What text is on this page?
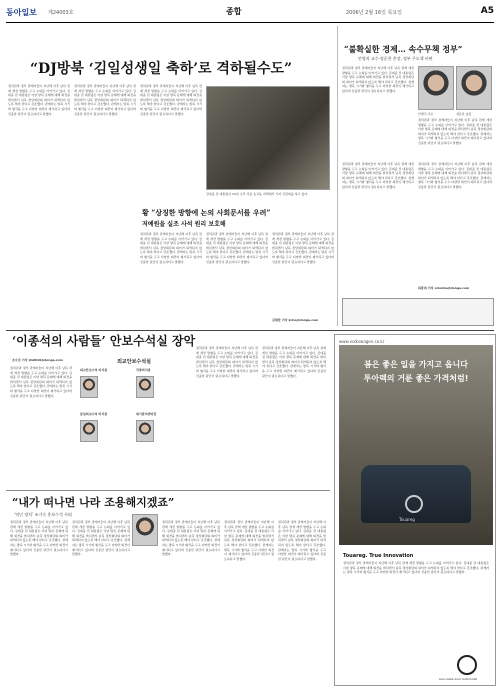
동아일보 제24003호	종합	2006년 2월 16일 목요일	A5
“DJ방북 ‘김일성생일 축하’로 격하될수도”
정치권과 정부 관계자들이 지난해 이후 남북 관계 개선 방향을 두고 논의를 이어가고 있다. 김대중 전 대통령은 이날 방북 문제에 대해 의견을 밝히면서 남북 정상회담의 의미가 퇴색되지 않도록 해야 한다고 강조했다. 관계자는 방북 시기와 형식을 두고 다양한 의견이 제기되고 있다며 신중한 판단이 필요하다고 말했다.
정치권과 정부 관계자들이 지난해 이후 남북 관계 개선 방향을 두고 논의를 이어가고 있다. 김대중 전 대통령은 이날 방북 문제에 대해 의견을 밝히면서 남북 정상회담의 의미가 퇴색되지 않도록 해야 한다고 강조했다. 관계자는 방북 시기와 형식을 두고 다양한 의견이 제기되고 있다며 신중한 판단이 필요하다고 말했다.
정치권과 정부 관계자들이 지난해 이후 남북 관계 개선 방향을 두고 논의를 이어가고 있다. 김대중 전 대통령은 이날 방북 문제에 대해 의견을 밝히면서 남북 정상회담의 의미가 퇴색되지 않도록 해야 한다고 강조했다. 관계자는 방북 시기와 형식을 두고 다양한 의견이 제기되고 있다며 신중한 판단이 필요하다고 말했다.
김대중 전 대통령이 15일 오후 서울 동교동 자택에서 기자 간담회를 하고 있다.
황 “상징한 방향에 논의 사회문서를 우려”
저예원을 실조 사석 원리 보호해
정치권과 정부 관계자들이 지난해 이후 남북 관계 개선 방향을 두고 논의를 이어가고 있다. 김대중 전 대통령은 이날 방북 문제에 대해 의견을 밝히면서 남북 정상회담의 의미가 퇴색되지 않도록 해야 한다고 강조했다. 관계자는 방북 시기와 형식을 두고 다양한 의견이 제기되고 있다며 신중한 판단이 필요하다고 말했다.
정치권과 정부 관계자들이 지난해 이후 남북 관계 개선 방향을 두고 논의를 이어가고 있다. 김대중 전 대통령은 이날 방북 문제에 대해 의견을 밝히면서 남북 정상회담의 의미가 퇴색되지 않도록 해야 한다고 강조했다. 관계자는 방북 시기와 형식을 두고 다양한 의견이 제기되고 있다며 신중한 판단이 필요하다고 말했다.
정치권과 정부 관계자들이 지난해 이후 남북 관계 개선 방향을 두고 논의를 이어가고 있다. 김대중 전 대통령은 이날 방북 문제에 대해 의견을 밝히면서 남북 정상회담의 의미가 퇴색되지 않도록 해야 한다고 강조했다. 관계자는 방북 시기와 형식을 두고 다양한 의견이 제기되고 있다며 신중한 판단이 필요하다고 말했다.
김재찬 기자 kcho@donga.com
“불확실한 경제… 속수무책 정부”
안병직 교수·정운찬 총장, 정부 주도책 비판
정치권과 정부 관계자들이 지난해 이후 남북 관계 개선 방향을 두고 논의를 이어가고 있다. 김대중 전 대통령은 이날 방북 문제에 대해 의견을 밝히면서 남북 정상회담의 의미가 퇴색되지 않도록 해야 한다고 강조했다. 관계자는 방북 시기와 형식을 두고 다양한 의견이 제기되고 있다며 신중한 판단이 필요하다고 말했다.
안병직 교수	정운찬 총장
정치권과 정부 관계자들이 지난해 이후 남북 관계 개선 방향을 두고 논의를 이어가고 있다. 김대중 전 대통령은 이날 방북 문제에 대해 의견을 밝히면서 남북 정상회담의 의미가 퇴색되지 않도록 해야 한다고 강조했다. 관계자는 방북 시기와 형식을 두고 다양한 의견이 제기되고 있다며 신중한 판단이 필요하다고 말했다.
정치권과 정부 관계자들이 지난해 이후 남북 관계 개선 방향을 두고 논의를 이어가고 있다. 김대중 전 대통령은 이날 방북 문제에 대해 의견을 밝히면서 남북 정상회담의 의미가 퇴색되지 않도록 해야 한다고 강조했다. 관계자는 방북 시기와 형식을 두고 다양한 의견이 제기되고 있다며 신중한 판단이 필요하다고 말했다.
정치권과 정부 관계자들이 지난해 이후 남북 관계 개선 방향을 두고 논의를 이어가고 있다. 김대중 전 대통령은 이날 방북 문제에 대해 의견을 밝히면서 남북 정상회담의 의미가 퇴색되지 않도록 해야 한다고 강조했다. 관계자는 방북 시기와 형식을 두고 다양한 의견이 제기되고 있다며 신중한 판단이 필요하다고 말했다.
하종대 기자 orionha@donga.com
‘이종석의 사람들’ 안보수석실 장악
조수진 기자 jin0619@donga.com
정치권과 정부 관계자들이 지난해 이후 남북 관계 개선 방향을 두고 논의를 이어가고 있다. 김대중 전 대통령은 이날 방북 문제에 대해 의견을 밝히면서 남북 정상회담의 의미가 퇴색되지 않도록 해야 한다고 강조했다. 관계자는 방북 시기와 형식을 두고 다양한 의견이 제기되고 있다며 신중한 판단이 필요하다고 말했다.
외교안보수석실
외교안보수석 비서관	국방비서관
통일외교수석 비서관	위기관리센터장
정치권과 정부 관계자들이 지난해 이후 남북 관계 개선 방향을 두고 논의를 이어가고 있다. 김대중 전 대통령은 이날 방북 문제에 대해 의견을 밝히면서 남북 정상회담의 의미가 퇴색되지 않도록 해야 한다고 강조했다. 관계자는 방북 시기와 형식을 두고 다양한 의견이 제기되고 있다며 신중한 판단이 필요하다고 말했다.
정치권과 정부 관계자들이 지난해 이후 남북 관계 개선 방향을 두고 논의를 이어가고 있다. 김대중 전 대통령은 이날 방북 문제에 대해 의견을 밝히면서 남북 정상회담의 의미가 퇴색되지 않도록 해야 한다고 강조했다. 관계자는 방북 시기와 형식을 두고 다양한 의견이 제기되고 있다며 신중한 판단이 필요하다고 말했다.
“내가 떠나면 나라 조용해지겠죠”
‘억난 정치’ 조기숙 홍보수석 사퇴
정치권과 정부 관계자들이 지난해 이후 남북 관계 개선 방향을 두고 논의를 이어가고 있다. 김대중 전 대통령은 이날 방북 문제에 대해 의견을 밝히면서 남북 정상회담의 의미가 퇴색되지 않도록 해야 한다고 강조했다. 관계자는 방북 시기와 형식을 두고 다양한 의견이 제기되고 있다며 신중한 판단이 필요하다고 말했다.
정치권과 정부 관계자들이 지난해 이후 남북 관계 개선 방향을 두고 논의를 이어가고 있다. 김대중 전 대통령은 이날 방북 문제에 대해 의견을 밝히면서 남북 정상회담의 의미가 퇴색되지 않도록 해야 한다고 강조했다. 관계자는 방북 시기와 형식을 두고 다양한 의견이 제기되고 있다며 신중한 판단이 필요하다고 말했다.
정치권과 정부 관계자들이 지난해 이후 남북 관계 개선 방향을 두고 논의를 이어가고 있다. 김대중 전 대통령은 이날 방북 문제에 대해 의견을 밝히면서 남북 정상회담의 의미가 퇴색되지 않도록 해야 한다고 강조했다. 관계자는 방북 시기와 형식을 두고 다양한 의견이 제기되고 있다며 신중한 판단이 필요하다고 말했다.
정치권과 정부 관계자들이 지난해 이후 남북 관계 개선 방향을 두고 논의를 이어가고 있다. 김대중 전 대통령은 이날 방북 문제에 대해 의견을 밝히면서 남북 정상회담의 의미가 퇴색되지 않도록 해야 한다고 강조했다. 관계자는 방북 시기와 형식을 두고 다양한 의견이 제기되고 있다며 신중한 판단이 필요하다고 말했다.
정치권과 정부 관계자들이 지난해 이후 남북 관계 개선 방향을 두고 논의를 이어가고 있다. 김대중 전 대통령은 이날 방북 문제에 대해 의견을 밝히면서 남북 정상회담의 의미가 퇴색되지 않도록 해야 한다고 강조했다. 관계자는 방북 시기와 형식을 두고 다양한 의견이 제기되고 있다며 신중한 판단이 필요하다고 말했다.
www.volkswagen.co.kr
봄은 좋은 일을 가지고 옵니다
투아렉의 거룬 좋은 가격처럼!
Touareg
Touareg. True Innovation
정치권과 정부 관계자들이 지난해 이후 남북 관계 개선 방향을 두고 논의를 이어가고 있다. 김대중 전 대통령은 이날 방북 문제에 대해 의견을 밝히면서 남북 정상회담의 의미가 퇴색되지 않도록 해야 한다고 강조했다. 관계자는 방북 시기와 형식을 두고 다양한 의견이 제기되고 있다며 신중한 판단이 필요하다고 말했다.
Aus Liebe zum Automobil
